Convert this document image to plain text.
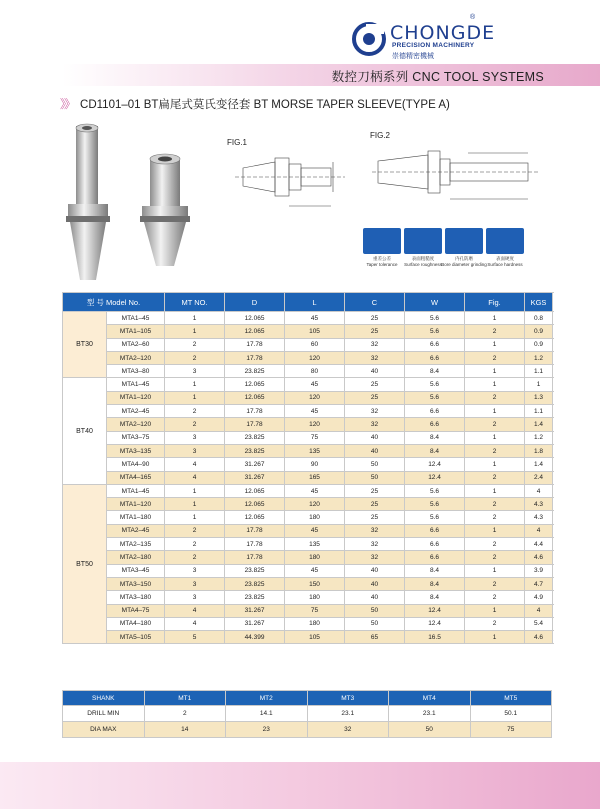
CHONGDE
®
PRECISION MACHINERY
崇德精密機械
数控刀柄系列 CNC TOOL SYSTEMS
》》 CD1101–01 BT扁尾式莫氏变径套 BT MORSE TAPER SLEEVE(TYPE A)
FIG.1
FIG.2
重差公差
Taper tolerance
表面粗糙度
Surface roughness
内孔防磨
Bore diameter grinding
表面硬度
Surface hardness
型 号 Model No.		MT NO.	D	L	C	W	Fig.	KGS
BT30	MTA1–45	1	12.065	45	25	5.6	1	0.8
	MTA1–105	1	12.065	105	25	5.6	2	0.9
	MTA2–60	2	17.78	60	32	6.6	1	0.9
	MTA2–120	2	17.78	120	32	6.6	2	1.2
	MTA3–80	3	23.825	80	40	8.4	1	1.1
BT40	MTA1–45	1	12.065	45	25	5.6	1	1
	MTA1–120	1	12.065	120	25	5.6	2	1.3
	MTA2–45	2	17.78	45	32	6.6	1	1.1
	MTA2–120	2	17.78	120	32	6.6	2	1.4
	MTA3–75	3	23.825	75	40	8.4	1	1.2
	MTA3–135	3	23.825	135	40	8.4	2	1.8
	MTA4–90	4	31.267	90	50	12.4	1	1.4
	MTA4–165	4	31.267	165	50	12.4	2	2.4
BT50	MTA1–45	1	12.065	45	25	5.6	1	4
	MTA1–120	1	12.065	120	25	5.6	2	4.3
	MTA1–180	1	12.065	180	25	5.6	2	4.3
	MTA2–45	2	17.78	45	32	6.6	1	4
	MTA2–135	2	17.78	135	32	6.6	2	4.4
	MTA2–180	2	17.78	180	32	6.6	2	4.6
	MTA3–45	3	23.825	45	40	8.4	1	3.9
	MTA3–150	3	23.825	150	40	8.4	2	4.7
	MTA3–180	3	23.825	180	40	8.4	2	4.9
	MTA4–75	4	31.267	75	50	12.4	1	4
	MTA4–180	4	31.267	180	50	12.4	2	5.4
	MTA5–105	5	44.399	105	65	16.5	1	4.6
SHANK	MT1	MT2	MT3	MT4	MT5
DRILL MIN	2	14.1	23.1	23.1	50.1
DIA MAX	14	23	32	50	75
